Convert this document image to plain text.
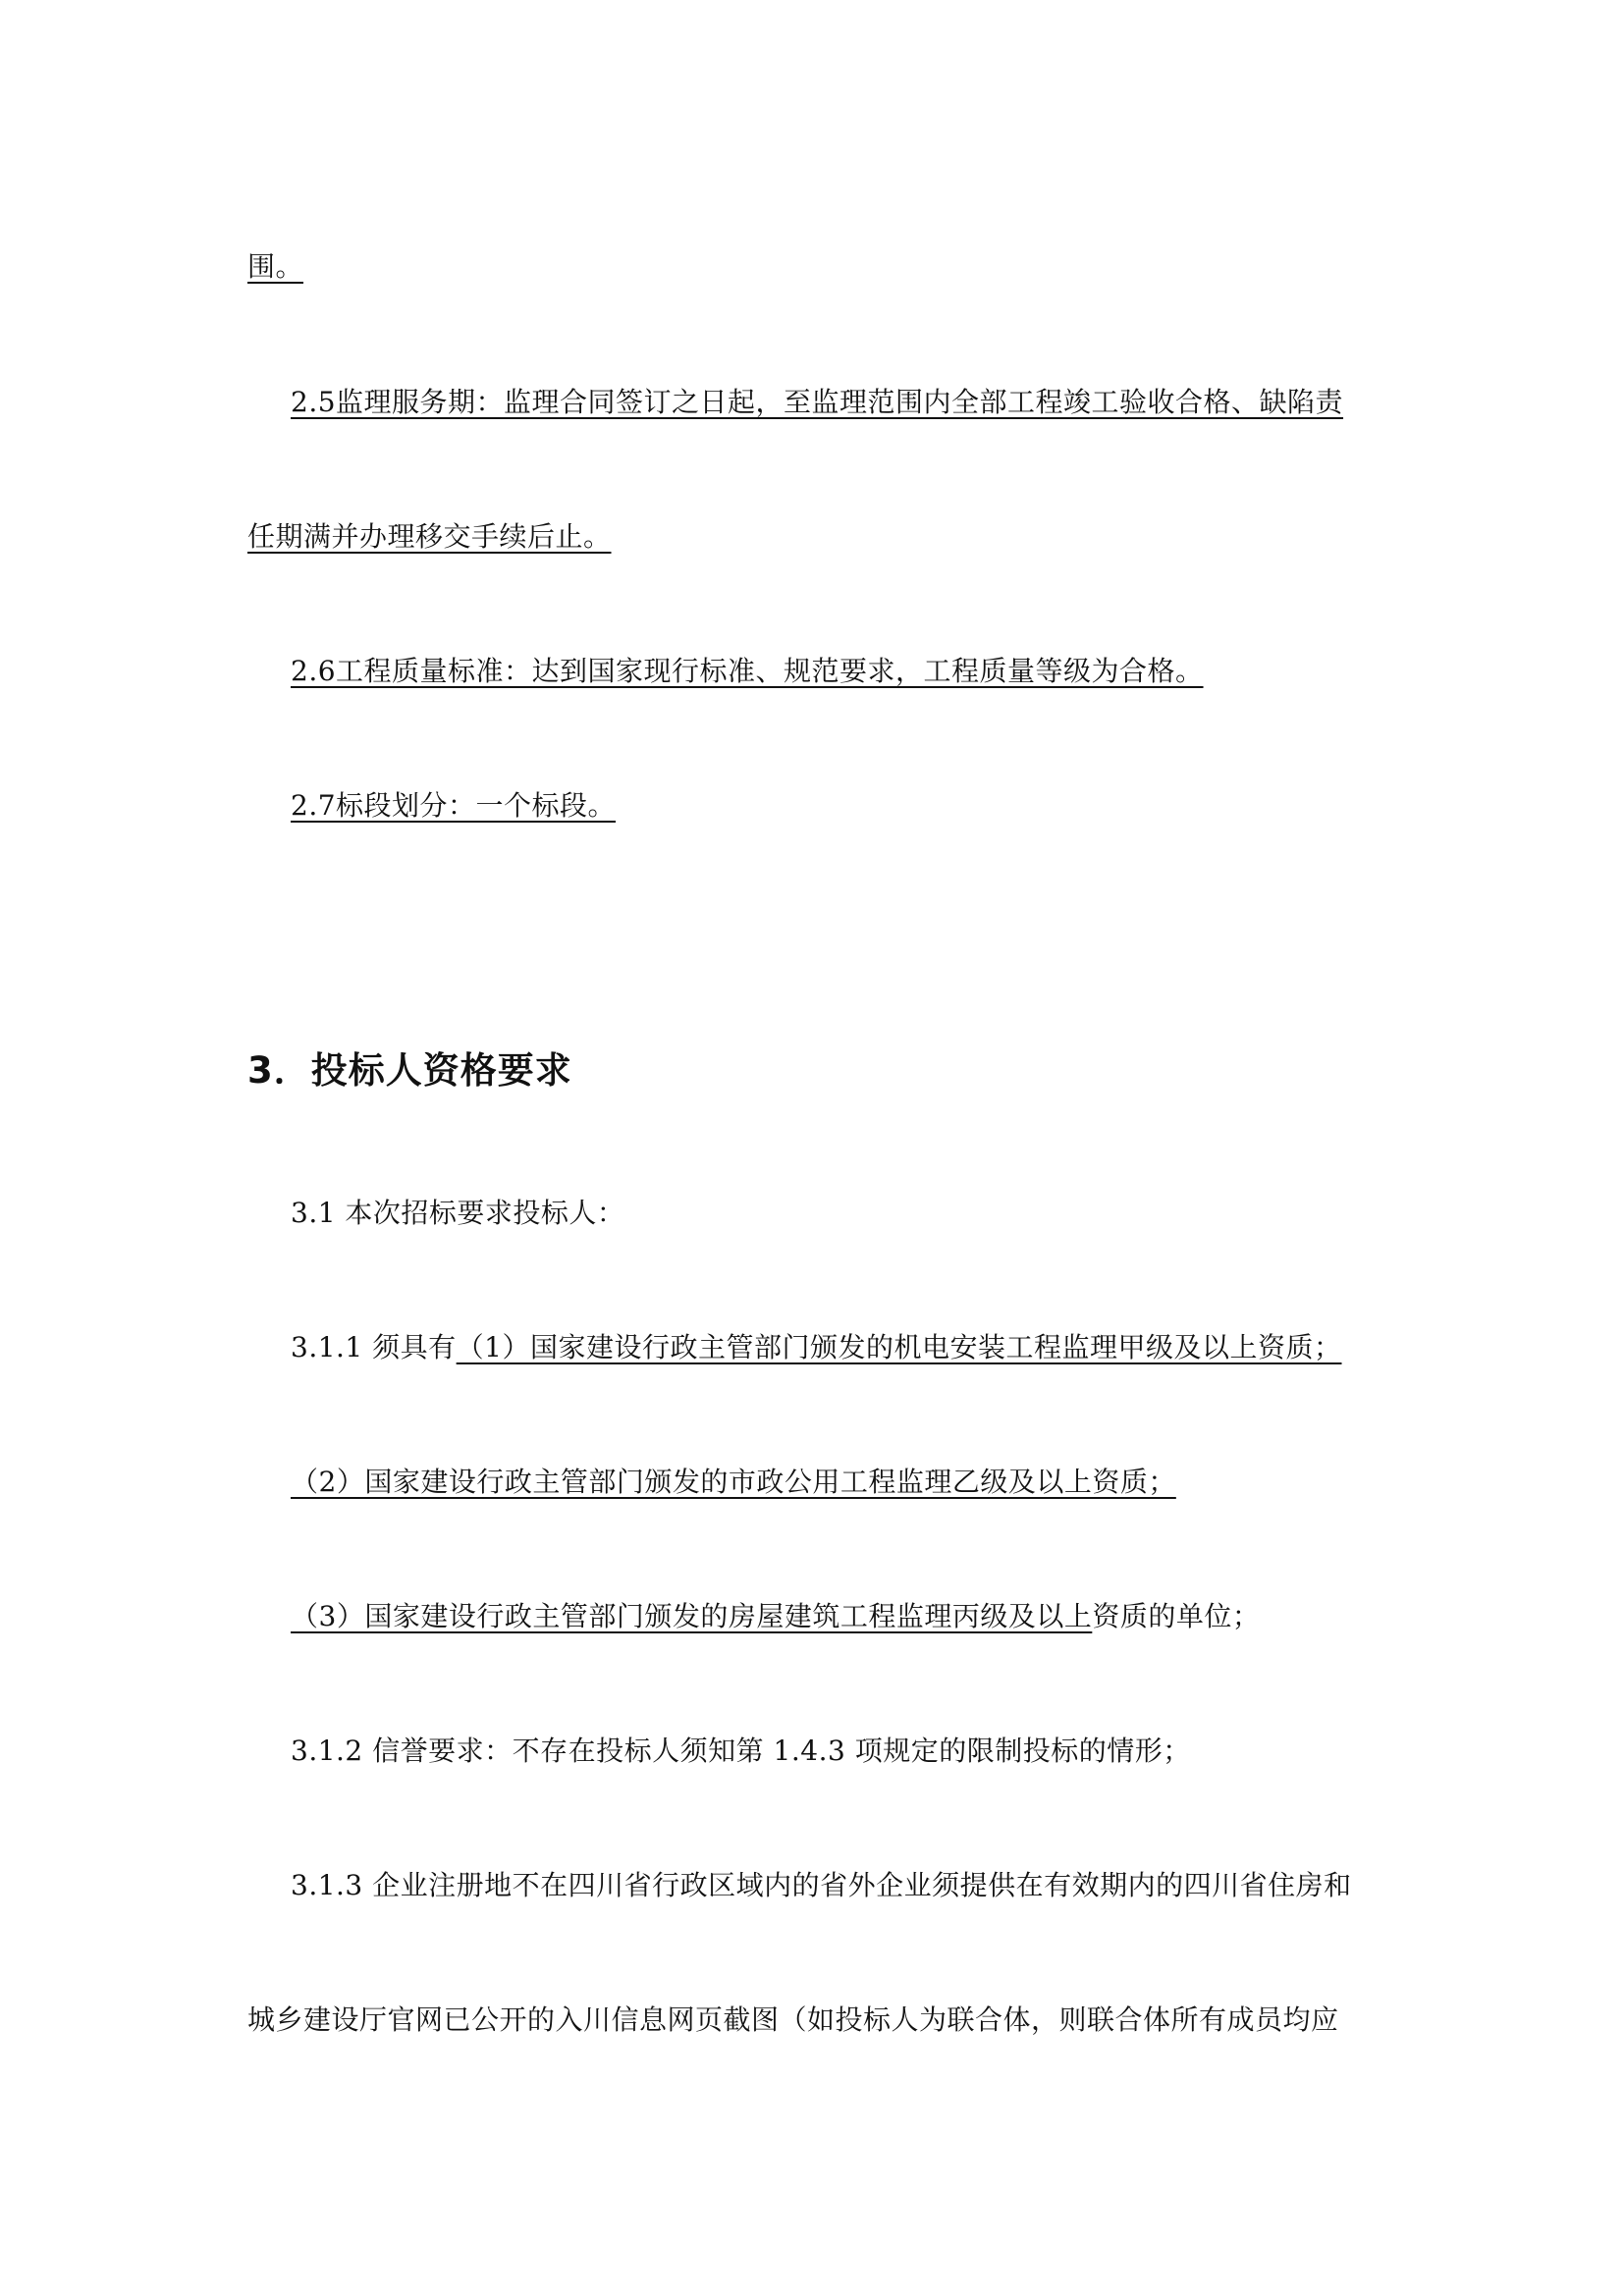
围。
2.5监理服务期：监理合同签订之日起，至监理范围内全部工程竣工验收合格、缺陷责
任期满并办理移交手续后止。
2.6工程质量标准：达到国家现行标准、规范要求，工程质量等级为合格。
2.7标段划分：一个标段。
3．投标人资格要求
3.1 本次招标要求投标人：
3.1.1 须具有（1）国家建设行政主管部门颁发的机电安装工程监理甲级及以上资质；
（2）国家建设行政主管部门颁发的市政公用工程监理乙级及以上资质；
（3）国家建设行政主管部门颁发的房屋建筑工程监理丙级及以上资质的单位；
3.1.2 信誉要求：不存在投标人须知第 1.4.3 项规定的限制投标的情形；
3.1.3 企业注册地不在四川省行政区域内的省外企业须提供在有效期内的四川省住房和
城乡建设厅官网已公开的入川信息网页截图（如投标人为联合体，则联合体所有成员均应
